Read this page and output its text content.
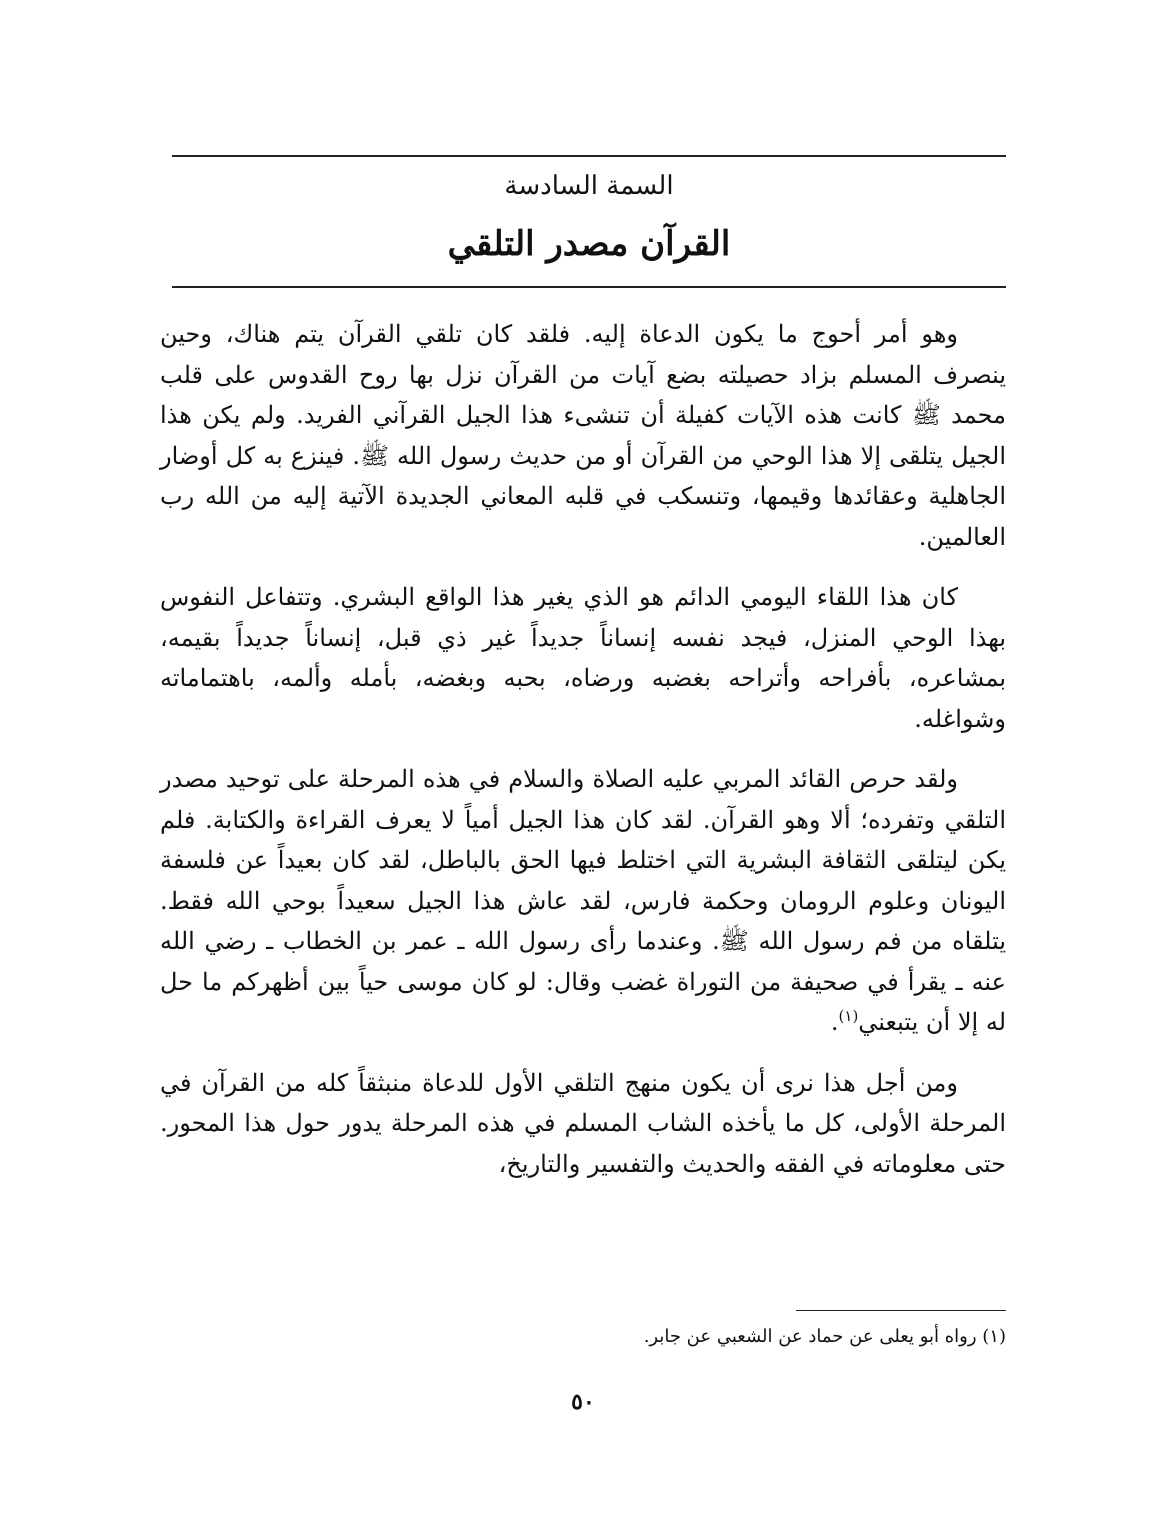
السمة السادسة
القرآن مصدر التلقي

وهو أمر أحوج ما يكون الدعاة إليه. فلقد كان تلقي القرآن يتم هناك، وحين ينصرف المسلم بزاد حصيلته بضع آيات من القرآن نزل بها روح القدوس على قلب محمد ﷺ كانت هذه الآيات كفيلة أن تنشىء هذا الجيل القرآني الفريد. ولم يكن هذا الجيل يتلقى إلا هذا الوحي من القرآن أو من حديث رسول الله ﷺ. فينزع به كل أوضار الجاهلية وعقائدها وقيمها، وتنسكب في قلبه المعاني الجديدة الآتية إليه من الله رب العالمين.

كان هذا اللقاء اليومي الدائم هو الذي يغير هذا الواقع البشري. وتتفاعل النفوس بهذا الوحي المنزل، فيجد نفسه إنساناً جديداً غير ذي قبل، إنساناً جديداً بقيمه، بمشاعره، بأفراحه وأتراحه بغضبه ورضاه، بحبه وبغضه، بأمله وألمه، باهتماماته وشواغله.

ولقد حرص القائد المربي عليه الصلاة والسلام في هذه المرحلة على توحيد مصدر التلقي وتفرده؛ ألا وهو القرآن. لقد كان هذا الجيل أمياً لا يعرف القراءة والكتابة. فلم يكن ليتلقى الثقافة البشرية التي اختلط فيها الحق بالباطل، لقد كان بعيداً عن فلسفة اليونان وعلوم الرومان وحكمة فارس، لقد عاش هذا الجيل سعيداً بوحي الله فقط. يتلقاه من فم رسول الله ﷺ. وعندما رأى رسول الله ـ عمر بن الخطاب ـ رضي الله عنه ـ يقرأ في صحيفة من التوراة غضب وقال: لو كان موسى حياً بين أظهركم ما حل له إلا أن يتبعني$^{(١)}$.

ومن أجل هذا نرى أن يكون منهج التلقي الأول للدعاة منبثقاً كله من القرآن في المرحلة الأولى، كل ما يأخذه الشاب المسلم في هذه المرحلة يدور حول هذا المحور. حتى معلوماته في الفقه والحديث والتفسير والتاريخ،

(١) رواه أبو يعلى عن حماد عن الشعبي عن جابر.
٥٠
